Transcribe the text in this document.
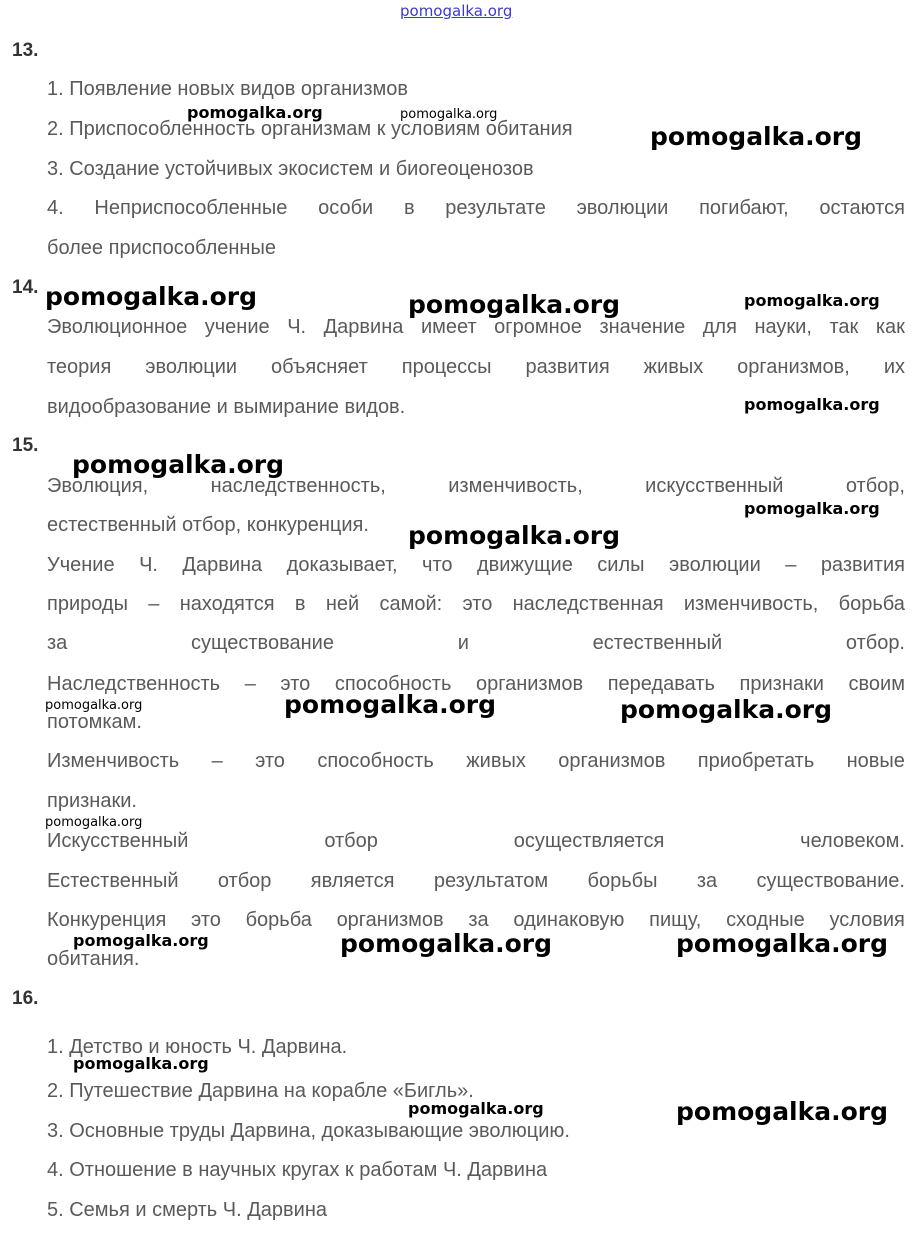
pomogalka.org
13.
1. Появление новых видов организмов
2. Приспособленность организмам к условиям обитания
3. Создание устойчивых экосистем и биогеоценозов
4. Неприспособленные особи в результате эволюции погибают, остаются
более приспособленные
14.
Эволюционное учение Ч. Дарвина имеет огромное значение для науки, так как
теория эволюции объясняет процессы развития живых организмов, их
видообразование и вымирание видов.
15.
Эволюция,	наследственность,	изменчивость,	искусственный	отбор,
естественный отбор, конкуренция.
Учение Ч. Дарвина доказывает, что движущие силы эволюции – развития
природы – находятся в ней самой: это наследственная изменчивость, борьба
за	существование	и	естественный	отбор.
Наследственность – это способность организмов передавать признаки своим
потомкам.
Изменчивость – это способность живых организмов приобретать новые
признаки.
Искусственный	отбор	осуществляется	человеком.
Естественный отбор является результатом борьбы за существование.
Конкуренция это борьба организмов за одинаковую пищу, сходные условия
обитания.
16.
1. Детство и юность Ч. Дарвина.
2. Путешествие Дарвина на корабле «Бигль».
3. Основные труды Дарвина, доказывающие эволюцию.
4. Отношение в научных кругах к работам Ч. Дарвина
5. Семья и смерть Ч. Дарвина
pomogalka.org	pomogalka.org
pomogalka.org
pomogalka.org	pomogalka.org	pomogalka.org
pomogalka.org
pomogalka.org
pomogalka.org
pomogalka.org
pomogalka.org	pomogalka.org	pomogalka.org
pomogalka.org
pomogalka.org	pomogalka.org	pomogalka.org
pomogalka.org
pomogalka.org	pomogalka.org
